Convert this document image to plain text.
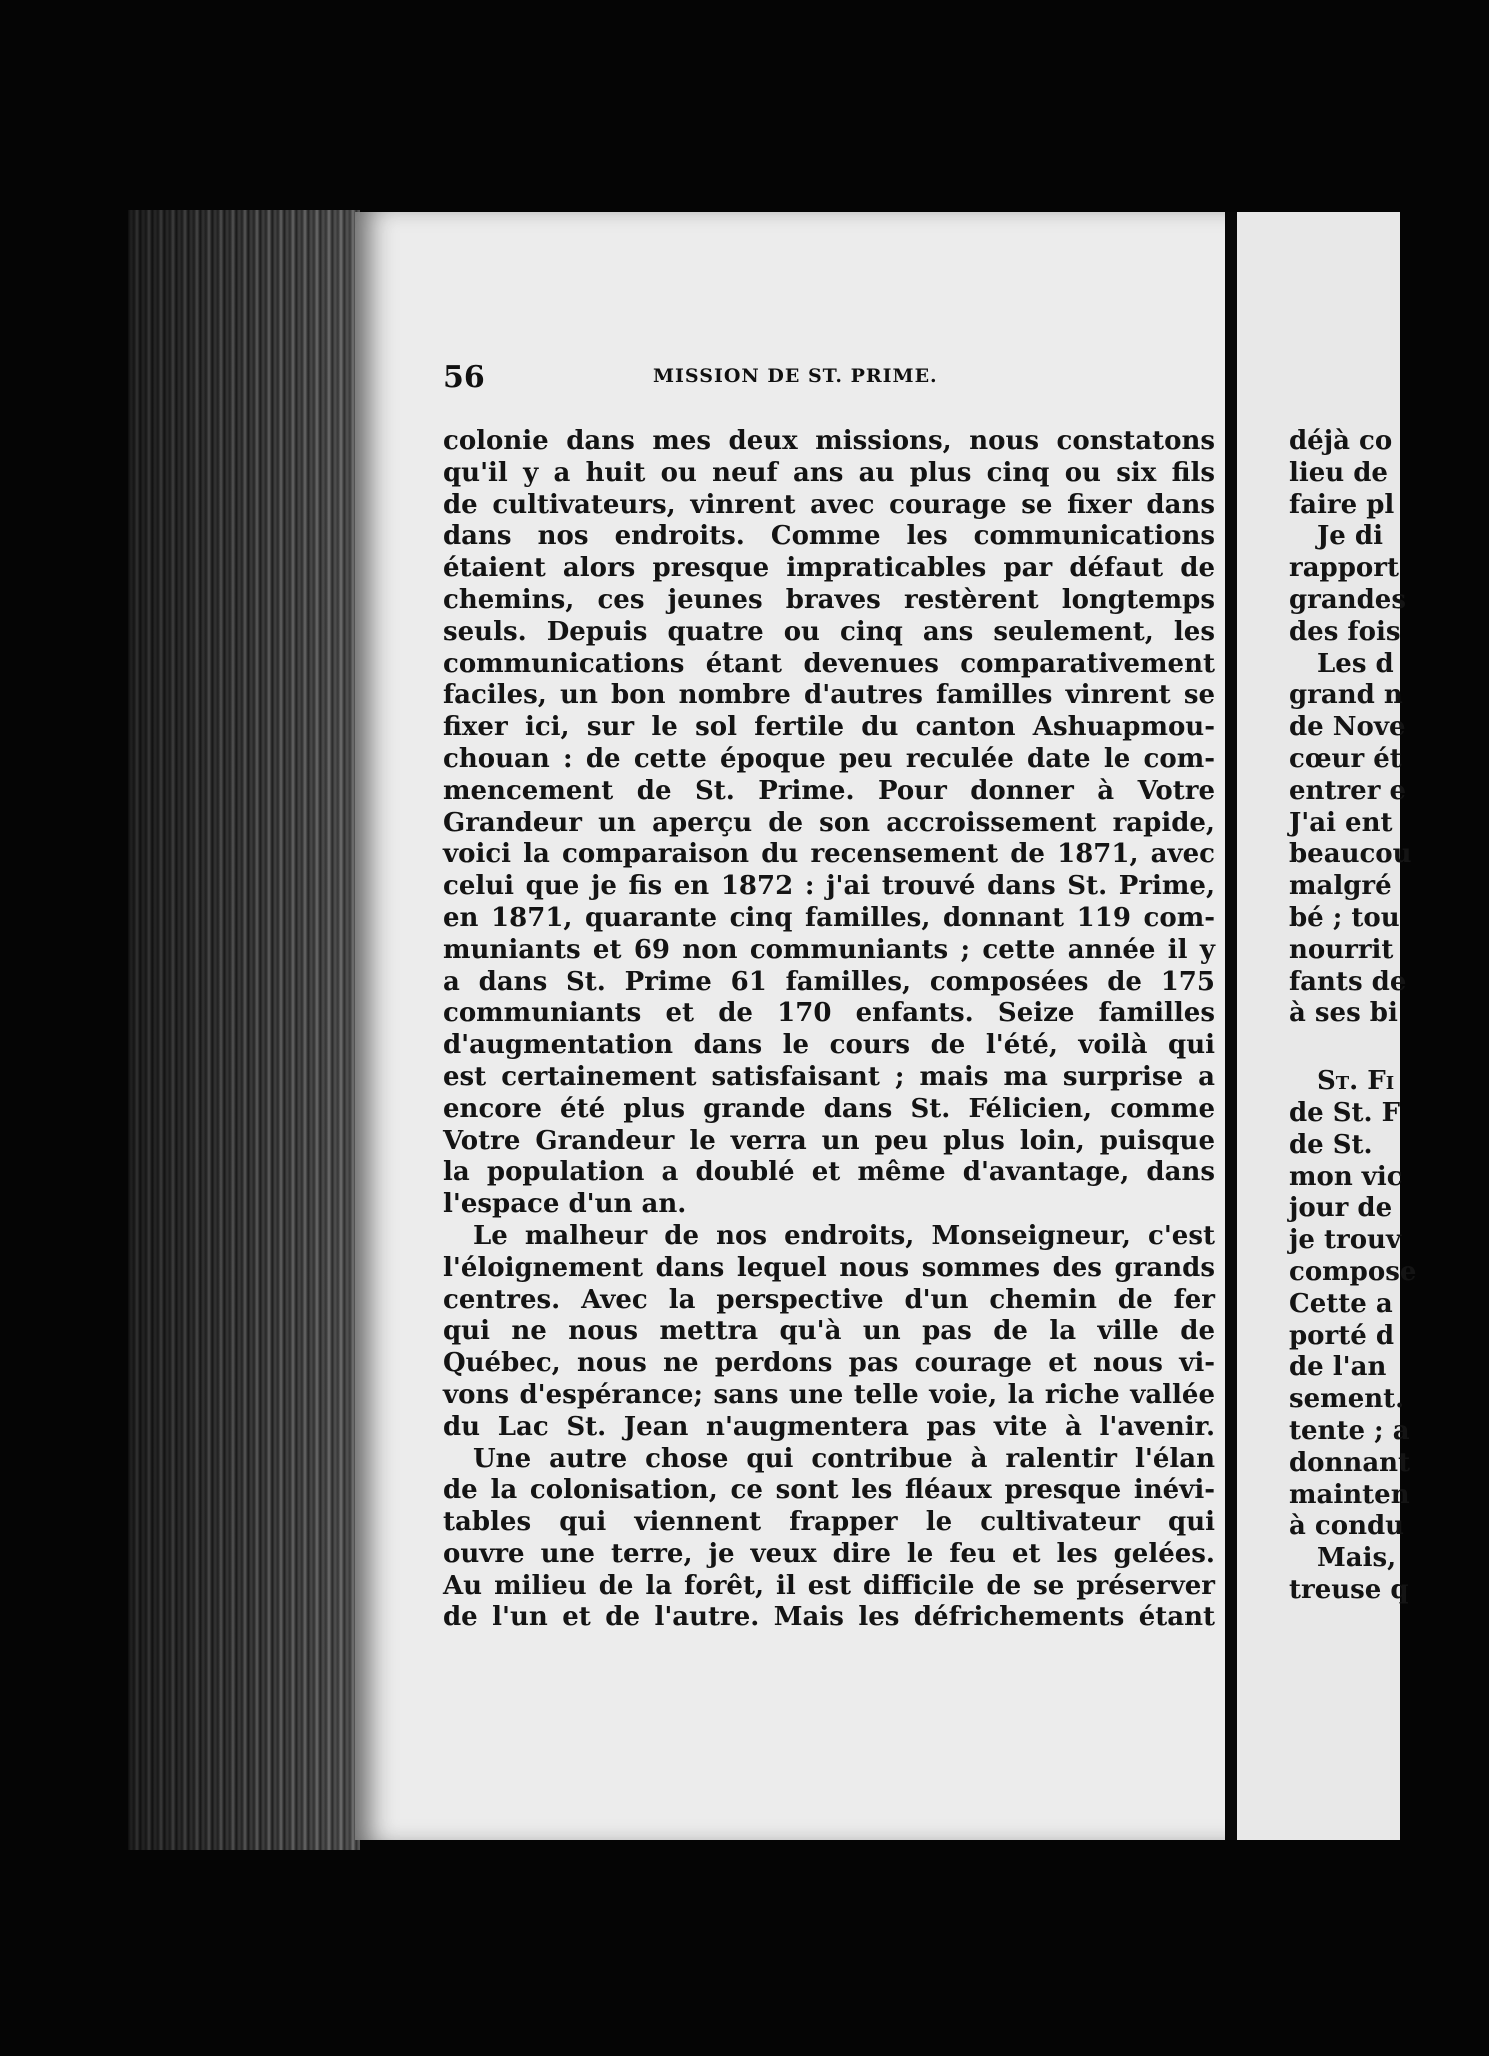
56	MISSION DE ST. PRIME.
colonie dans mes deux missions, nous constatons
qu'il y a huit ou neuf ans au plus cinq ou six fils
de cultivateurs, vinrent avec courage se fixer dans
dans nos endroits. Comme les communications
étaient alors presque impraticables par défaut de
chemins, ces jeunes braves restèrent longtemps
seuls. Depuis quatre ou cinq ans seulement, les
communications étant devenues comparativement
faciles, un bon nombre d'autres familles vinrent se
fixer ici, sur le sol fertile du canton Ashuapmou-
chouan : de cette époque peu reculée date le com-
mencement de St. Prime. Pour donner à Votre
Grandeur un aperçu de son accroissement rapide,
voici la comparaison du recensement de 1871, avec
celui que je fis en 1872 : j'ai trouvé dans St. Prime,
en 1871, quarante cinq familles, donnant 119 com-
muniants et 69 non communiants ; cette année il y
a dans St. Prime 61 familles, composées de 175
communiants et de 170 enfants. Seize familles
d'augmentation dans le cours de l'été, voilà qui
est certainement satisfaisant ; mais ma surprise a
encore été plus grande dans St. Félicien, comme
Votre Grandeur le verra un peu plus loin, puisque
la population a doublé et même d'avantage, dans
l'espace d'un an.
Le malheur de nos endroits, Monseigneur, c'est
l'éloignement dans lequel nous sommes des grands
centres. Avec la perspective d'un chemin de fer
qui ne nous mettra qu'à un pas de la ville de
Québec, nous ne perdons pas courage et nous vi-
vons d'espérance; sans une telle voie, la riche vallée
du Lac St. Jean n'augmentera pas vite à l'avenir.
Une autre chose qui contribue à ralentir l'élan
de la colonisation, ce sont les fléaux presque inévi-
tables qui viennent frapper le cultivateur qui
ouvre une terre, je veux dire le feu et les gelées.
Au milieu de la forêt, il est difficile de se préserver
de l'un et de l'autre. Mais les défrichements étant
déjà co
lieu de
faire pl
Je di
rapport
grandes
des fois
Les d
grand n
de Nove
cœur ét
entrer e
J'ai ent
beaucou
malgré
bé ; tou
nourrit
fants de
à ses bi
St. Fi
de St. F
de St.
mon vic
jour de
je trouv
compose
Cette a
porté d
de l'an
sement.
tente ; a
donnant
mainten
à condu
Mais,
treuse q
